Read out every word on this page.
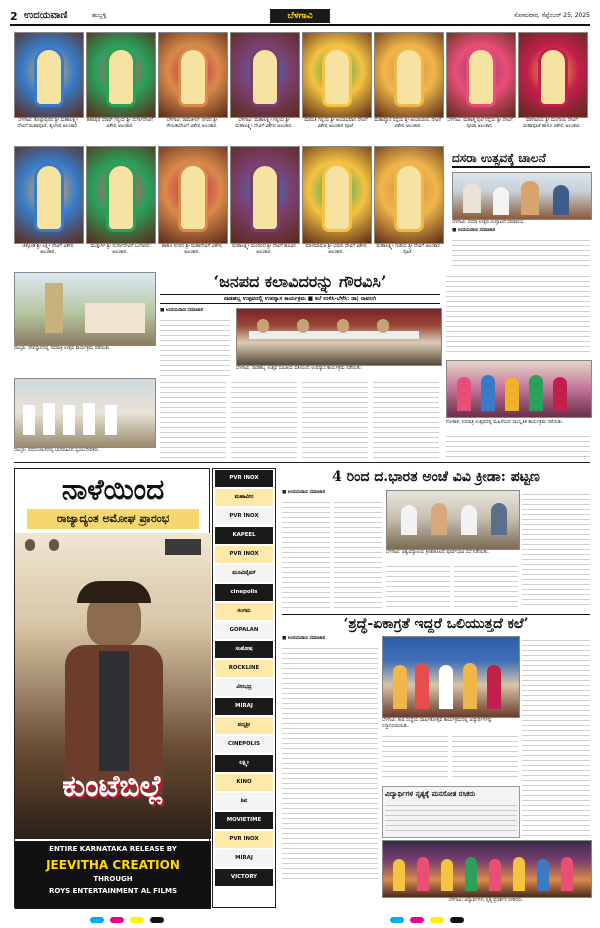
2 ಉದಯವಾಣಿ	ಹುಬ್ಬಳ್ಳಿ	ಸೋಮವಾರ, ಸೆಪ್ಟೆಂಬರ್ 25, 2025
ಬೆಳಗಾವಿ
ಬೆಳಗಾವಿ: ಕೊಲ್ಲಾಪುರದ ಶ್ರೀ ಮಹಾಲಕ್ಷ್ಮೀ ದೇವಿಗೆ ಮಹಾಪೂಜೆ, ಶೃಂಗಾರ ಅಲಂಕಾರ.
ಶಹಾಪುರ ಸರಾಫ್ ಗಲ್ಲಿಯ ಶ್ರೀ ದುರ್ಗಾದೇವಿಗೆ ವಿಶೇಷ ಅಲಂಕಾರ.
ಬೆಳಗಾವಿ: ರಾಮತೀರ್ಥ ನಗರದ ಶ್ರೀ ರೇಣುಕಾದೇವಿಗೆ ವಿಶೇಷ ಅಲಂಕಾರ.
ಬೆಳಗಾವಿ: ಮಹಾಲಕ್ಷ್ಮೀ ಗಲ್ಲಿಯ ಶ್ರೀ ಮಹಾಲಕ್ಷ್ಮೀ ದೇವಿಗೆ ವಿಶೇಷ ಅಲಂಕಾರ.
ಮಾರುತಿ ಗಲ್ಲಿಯ ಶ್ರೀ ಅಂಬಾಭವಾನಿ ದೇವಿಗೆ ವಿಶೇಷ ಅಲಂಕಾರ ಪೂಜೆ.
ಮಹಾದ್ವಾರ ರಸ್ತೆಯ ಶ್ರೀ ಅಂಬಾಬಾಯಿ ದೇವಿಗೆ ವಿಶೇಷ ಅಲಂಕಾರ.
ಬೆಳಗಾವಿ: ಮಹಾತ್ಮ ಫುಲೆ ರಸ್ತೆಯ ಶ್ರೀ ದೇವಿಗೆ ಪೂಜಾ ಅಲಂಕಾರ.
ವಡಗಾವಿಯ ಶ್ರೀ ಮಂಗಾಯಿ ದೇವಿಗೆ ಮಹಾಪೂಜೆ ಹಾಗೂ ವಿಶೇಷ ಅಲಂಕಾರ.
ಚಿಕ್ಕೋಡಿ ಶ್ರೀ ಲಕ್ಷ್ಮೀ ದೇವಿಗೆ ವಿಶೇಷ ಅಲಂಕಾರ.
ಮುತ್ತುರ್ಗಿ ಶ್ರೀ ದುರ್ಗಾದೇವಿಗೆ ಬಂಗಾರದ ಅಲಂಕಾರ.
ಶಾಹೂ ನಗರದ ಶ್ರೀ ಮಹಾದೇವಿಗೆ ವಿಶೇಷ ಅಲಂಕಾರ.
ಮಹಾಲಕ್ಷ್ಮೀ ಮಂದಿರದ ಶ್ರೀ ದೇವಿಗೆ ಹೂವಿನ ಅಲಂಕಾರ.
ಮಾಳಮಾರುತಿ ಶ್ರೀ ಭವಾನಿ ದೇವಿಗೆ ವಿಶೇಷ ಅಲಂಕಾರ.
ಮಹಾಲಕ್ಷ್ಮೀ ಗುಡಿಯ ಶ್ರೀ ದೇವಿಗೆ ಅಲಂಕಾರ ಪೂಜೆ.
ದಸರಾ ಉತ್ಸವಕ್ಕೆ ಚಾಲನೆ
ಬೆಳಗಾವಿ: ದಸರಾ ಉತ್ಸವ ಉದ್ಘಾಟನೆ ಸಮಾರಂಭ.
■ ಉದಯವಾಣಿ ಸಮಾಚಾರ
ಸಾಂಬ್ರಾ: ದೇವಸ್ಥಾನದಲ್ಲಿ ನವರಾತ್ರಿ ಉತ್ಸವ ಕಾರ್ಯಕ್ರಮ ನಡೆಯಿತು.
ಸಾಂಬ್ರಾ: ಪಥಸಂಚಲನದಲ್ಲಿ ಭಾಗವಹಿಸಿದ ಸ್ವಯಂಸೇವಕರು.
‘ಜನಪದ ಕಲಾವಿದರನ್ನು ಗೌರವಿಸಿ’
ನಾಡಹಬ್ಬ ಉತ್ಸವದಲ್ಲಿ ಉಪನ್ಯಾಸ ಕಾರ್ಯಕ್ರಮ ■ ಕಲೆ ಉಳಿಸಿ-ಬೆಳೆಸಿ: ಡಾ| ನಾವಲಗಿ
■ ಉದಯವಾಣಿ ಸಮಾಚಾರ
ಬೆಳಗಾವಿ: ನಾಡಹಬ್ಬ ಉತ್ಸವ ಸಮಿತಿಯ ವತಿಯಿಂದ ಉಪನ್ಯಾಸ ಕಾರ್ಯಕ್ರಮ ನಡೆಯಿತು.
ಗೋಕಾಕ: ನವರಾತ್ರಿ ಉತ್ಸವದಲ್ಲಿ ಮಹಿಳೆಯರ ಸಾಂಸ್ಕೃತಿಕ ಕಾರ್ಯಕ್ರಮ ನಡೆಯಿತು.
ನಾಳೆಯಿಂದ
ರಾಜ್ಯಾದ್ಯಂತ ಅಮೋಘ ಪ್ರಾರಂಭ
ಕುಂಟೆಬಿಲ್ಲೆ
ENTIRE KARNATAKA RELEASE BY
JEEVITHA CREATION
THROUGH
ROYS ENTERTAINMENT AL FILMS
PVR INOX
ಮಹಾವೀರ
PVR INOX
KAPEEL
PVR INOX
ಮೂವಿಟೈಮ್
cinepolis
ಸಂಗಮ
GOPALAN
ಸಂತೋಷ
ROCKLINE
ವೀರಭದ್ರ
MIRAJ
ಪದ್ಮಶ್ರೀ
CINEPOLIS
ಲಕ್ಷ್ಮೀ
KINO
ಶಿವ
MOVIETIME
PVR INOX
MIRAJ
VICTORY
4 ರಿಂದ ದ.ಭಾರತ ಅಂಚೆ ವಿವಿ ಕ್ರೀಡಾ: ಪಟ್ಟಣ
■ ಉದಯವಾಣಿ ಸಮಾಚಾರ
ಬೆಳಗಾವಿ: ವಿಶ್ವವಿದ್ಯಾಲಯ ಕ್ರೀಡಾಕೂಟದ ಪೂರ್ವಭಾವಿ ಸಭೆ ನಡೆಯಿತು.
‘ಶ್ರದ್ಧೆ-ಏಕಾಗ್ರತೆ ಇದ್ದರೆ ಒಲಿಯುತ್ತದೆ ಕಲೆ’
■ ಉದಯವಾಣಿ ಸಮಾಚಾರ
ಬೆಳಗಾವಿ: ಕಲಾ ಸಂಸ್ಥೆಯ ವಾರ್ಷಿಕೋತ್ಸವ ಕಾರ್ಯಕ್ರಮದಲ್ಲಿ ವಿದ್ಯಾರ್ಥಿಗಳನ್ನು ಸನ್ಮಾನಿಸಲಾಯಿತು.
ವಿದ್ಯಾರ್ಥಿಗಳ ನೃತ್ಯಕ್ಕೆ ಮನಸೋತ ರಸಿಕರು
ಬೆಳಗಾವಿ: ವಿದ್ಯಾರ್ಥಿಗಳು ನೃತ್ಯ ಪ್ರದರ್ಶನ ನೀಡಿದರು.
